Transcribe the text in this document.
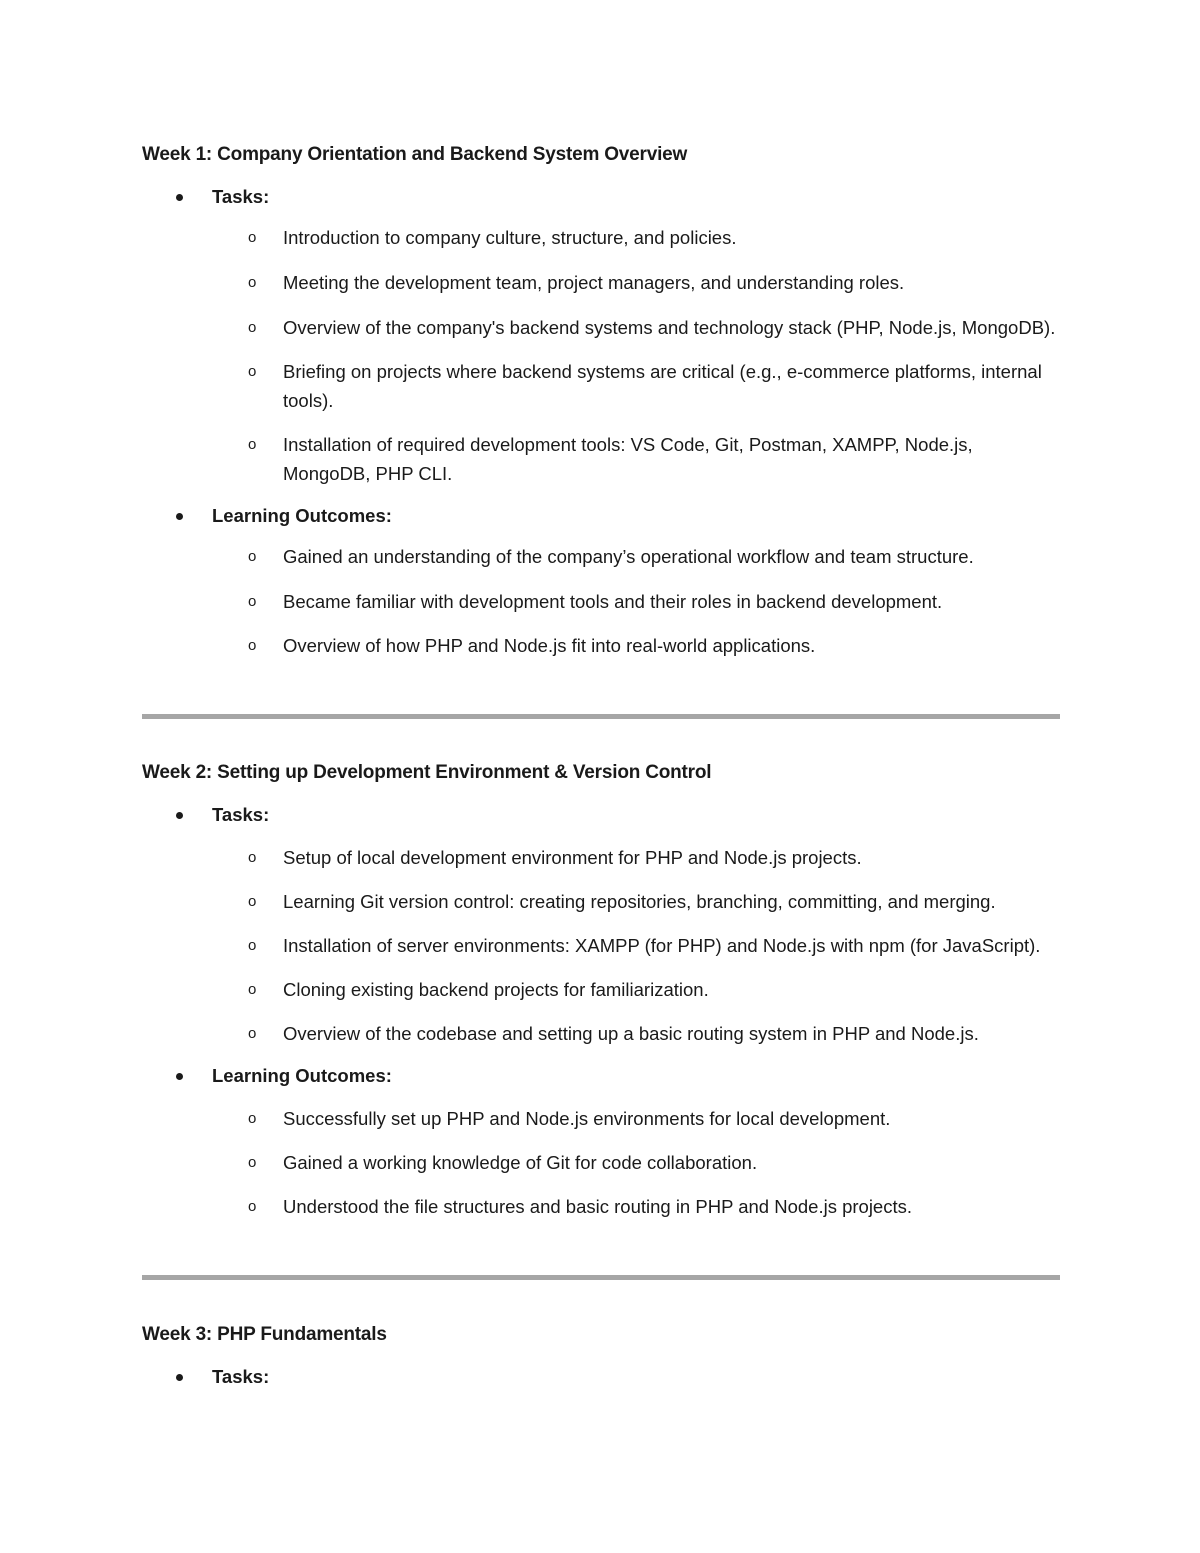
Week 1: Company Orientation and Backend System Overview
Tasks:
o Introduction to company culture, structure, and policies.
o Meeting the development team, project managers, and understanding roles.
o Overview of the company's backend systems and technology stack (PHP, Node.js, MongoDB).
o Briefing on projects where backend systems are critical (e.g., e-commerce platforms, internal tools).
o Installation of required development tools: VS Code, Git, Postman, XAMPP, Node.js, MongoDB, PHP CLI.
Learning Outcomes:
o Gained an understanding of the company’s operational workflow and team structure.
o Became familiar with development tools and their roles in backend development.
o Overview of how PHP and Node.js fit into real-world applications.
Week 2: Setting up Development Environment & Version Control
Tasks:
o Setup of local development environment for PHP and Node.js projects.
o Learning Git version control: creating repositories, branching, committing, and merging.
o Installation of server environments: XAMPP (for PHP) and Node.js with npm (for JavaScript).
o Cloning existing backend projects for familiarization.
o Overview of the codebase and setting up a basic routing system in PHP and Node.js.
Learning Outcomes:
o Successfully set up PHP and Node.js environments for local development.
o Gained a working knowledge of Git for code collaboration.
o Understood the file structures and basic routing in PHP and Node.js projects.
Week 3: PHP Fundamentals
Tasks:
